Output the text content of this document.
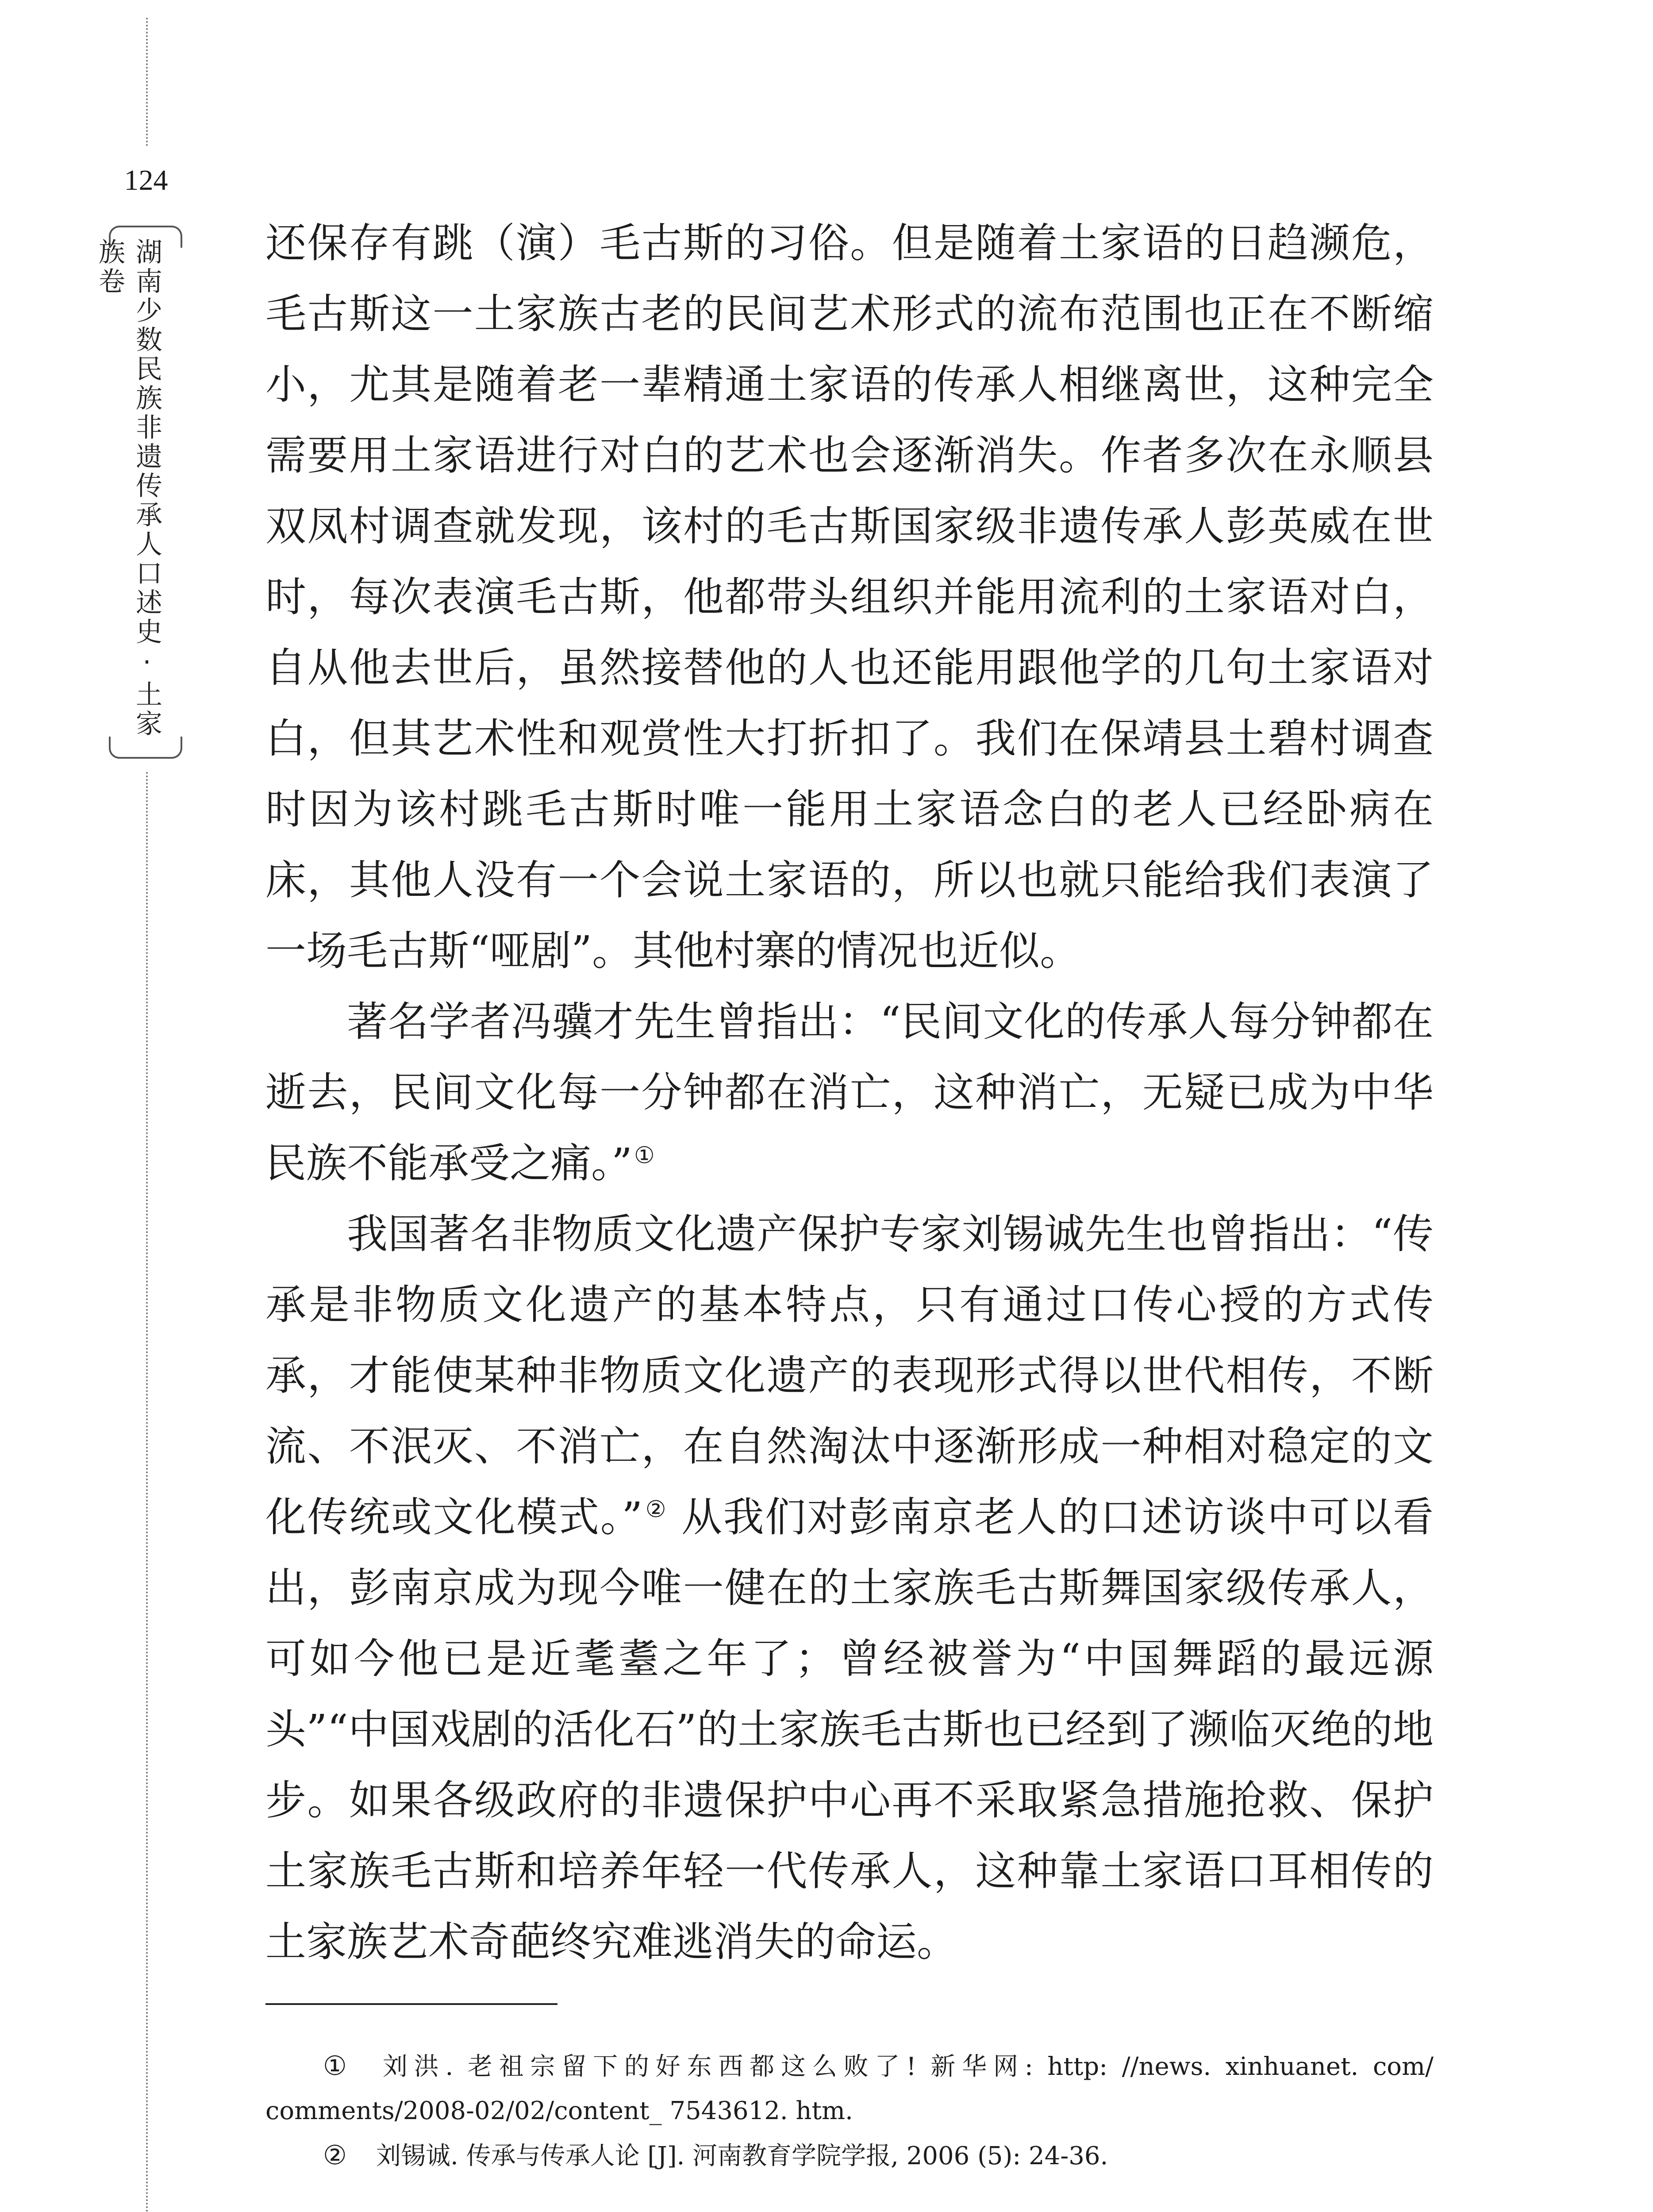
124
湖南少数民族非遗传承人口述史·土家族卷	还保存有跳（演）毛古斯的习俗。但是随着土家语的日趋濒危，毛古斯这一土家族古老的民间艺术形式的流布范围也正在不断缩小，尤其是随着老一辈精通土家语的传承人相继离世，这种完全需要用土家语进行对白的艺术也会逐渐消失。作者多次在永顺县双凤村调查就发现，该村的毛古斯国家级非遗传承人彭英威在世时，每次表演毛古斯，他都带头组织并能用流利的土家语对白，自从他去世后，虽然接替他的人也还能用跟他学的几句土家语对白，但其艺术性和观赏性大打折扣了。我们在保靖县土碧村调查时因为该村跳毛古斯时唯一能用土家语念白的老人已经卧病在床，其他人没有一个会说土家语的，所以也就只能给我们表演了一场毛古斯“哑剧”。其他村寨的情况也近似。

著名学者冯骥才先生曾指出：“民间文化的传承人每分钟都在逝去，民间文化每一分钟都在消亡，这种消亡，无疑已成为中华民族不能承受之痛。”①

我国著名非物质文化遗产保护专家刘锡诚先生也曾指出：“传承是非物质文化遗产的基本特点，只有通过口传心授的方式传承，才能使某种非物质文化遗产的表现形式得以世代相传，不断流、不泯灭、不消亡，在自然淘汰中逐渐形成一种相对稳定的文化传统或文化模式。”② 从我们对彭南京老人的口述访谈中可以看出，彭南京成为现今唯一健在的土家族毛古斯舞国家级传承人，可如今他已是近耄耋之年了；曾经被誉为“中国舞蹈的最远源头”“中国戏剧的活化石”的土家族毛古斯也已经到了濒临灭绝的地步。如果各级政府的非遗保护中心再不采取紧急措施抢救、保护土家族毛古斯和培养年轻一代传承人，这种靠土家语口耳相传的土家族艺术奇葩终究难逃消失的命运。

① 刘洪. 老祖宗留下的好东西都这么败了! 新华网: http: //news. xinhuanet. com/ comments/2008-02/02/content_ 7543612. htm.

② 刘锡诚. 传承与传承人论 [J]. 河南教育学院学报, 2006 (5): 24-36.
